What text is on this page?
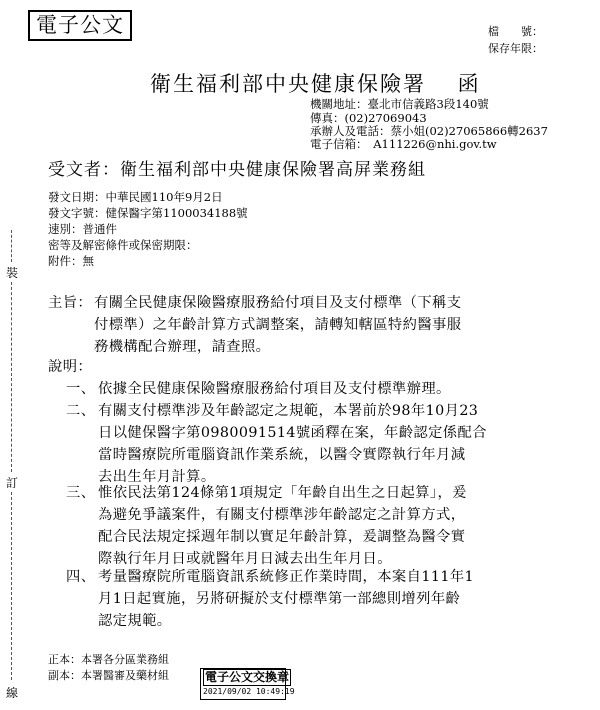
電子公文	檔　　號：
保存年限：
衛生福利部中央健康保險署　 函
機關地址：臺北市信義路3段140號
傳真：(02)27069043
承辦人及電話：蔡小姐(02)27065866轉2637
電子信箱：　A111226@nhi.gov.tw
受文者：衛生福利部中央健康保險署高屏業務組
發文日期：中華民國110年9月2日
發文字號：健保醫字第1100034188號
速別：普通件
密等及解密條件或保密期限：
附件：無
裝
訂
線
主旨： 有關全民健康保險醫療服務給付項目及支付標準（下稱支
付標準）之年齡計算方式調整案，請轉知轄區特約醫事服
務機構配合辦理，請查照。
說明：
一、 依據全民健康保險醫療服務給付項目及支付標準辦理。
二、 有關支付標準涉及年齡認定之規範，本署前於98年10月23
日以健保醫字第0980091514號函釋在案，年齡認定係配合
當時醫療院所電腦資訊作業系統，以醫令實際執行年月減
去出生年月計算。
三、 惟依民法第124條第1項規定「年齡自出生之日起算」，爰
為避免爭議案件，有關支付標準涉年齡認定之計算方式，
配合民法規定採週年制以實足年齡計算，爰調整為醫令實
際執行年月日或就醫年月日減去出生年月日。
四、 考量醫療院所電腦資訊系統修正作業時間，本案自111年1
月1日起實施，另將研擬於支付標準第一部總則增列年齡
認定規範。
正本：本署各分區業務組
副本：本署醫審及藥材組	電子公文交換章
2021/09/02 10:49:19
